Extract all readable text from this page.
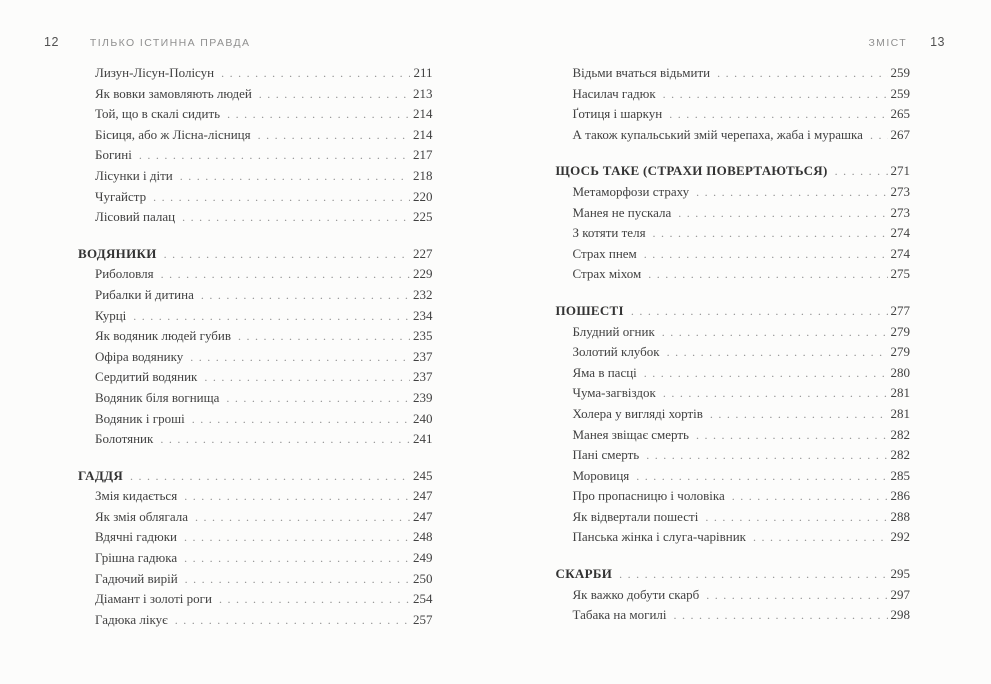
12	ТІЛЬКО ІСТИННА ПРАВДА
Лизун-Лісун-Полісун .....	211
Як вовки замовляють людей .....	213
Той, що в скалі сидить .....	214
Бісиця, або ж Лісна-лісниця .....	214
Богині .....	217
Лісунки і діти .....	218
Чугайстр .....	220
Лісовий палац .....	225
ВОДЯНИКИ .....	227
Риболовля .....	229
Рибалки й дитина .....	232
Курці .....	234
Як водяник людей губив .....	235
Офіра водянику .....	237
Сердитий водяник .....	237
Водяник біля вогнища .....	239
Водяник і гроші .....	240
Болотяник .....	241
ГАДДЯ .....	245
Змія кидається .....	247
Як змія облягала .....	247
Вдячні гадюки .....	248
Грішна гадюка .....	249
Гадючий вирій .....	250
Діамант і золоті роги .....	254
Гадюка лікує .....	257
ЗМІСТ 13
Відьми вчаться відьмити .....	259
Насилач гадюк .....	259
Ґотиця і шаркун .....	265
А також купальський змій черепаха, жаба і мурашка ..... 267
ЩОСЬ ТАКЕ (СТРАХИ ПОВЕРТАЮТЬСЯ) .....	271
Метаморфози страху .....	273
Манея не пускала .....	273
З котяти теля .....	274
Страх пнем .....	274
Страх міхом .....	275
ПОШЕСТІ .....	277
Блудний огник .....	279
Золотий клубок .....	279
Яма в пасці .....	280
Чума-загвіздок .....	281
Холера у вигляді хортів .....	281
Манея звіщає смерть .....	282
Пані смерть .....	282
Моровиця .....	285
Про пропасницю і чоловіка .....	286
Як відвертали пошесті .....	288
Панська жінка і слуга-чарівник .....	292
СКАРБИ .....	295
Як важко добути скарб .....	297
Табака на могилі .....	298
